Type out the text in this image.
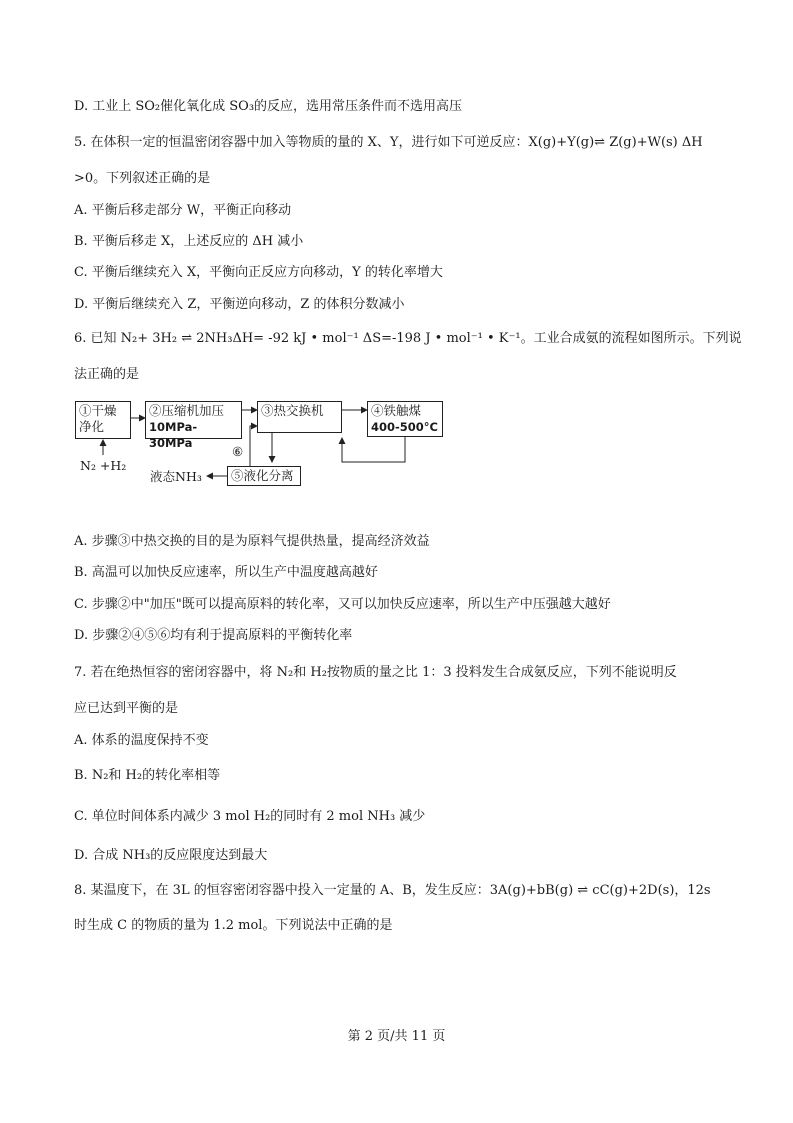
D. 工业上 SO₂催化氧化成 SO₃的反应，选用常压条件而不选用高压
5. 在体积一定的恒温密闭容器中加入等物质的量的 X、Y，进行如下可逆反应：X(g)+Y(g)⇌ Z(g)+W(s) ΔH
>0。下列叙述正确的是
A. 平衡后移走部分 W，平衡正向移动
B. 平衡后移走 X，上述反应的 ΔH 减小
C. 平衡后继续充入 X，平衡向正反应方向移动，Y 的转化率增大
D. 平衡后继续充入 Z，平衡逆向移动，Z 的体积分数减小
6. 已知 N₂+ 3H₂ ⇌ 2NH₃ΔH= -92 kJ • mol⁻¹ ΔS=-198 J • mol⁻¹ • K⁻¹。工业合成氨的流程如图所示。下列说
法正确的是
①干燥
净化
②压缩机加压
10MPa-30MPa
③热交换机	④铁触煤
400-500°C
⑤液化分离
N₂ +H₂
液态NH₃
⑥
A. 步骤③中热交换的目的是为原料气提供热量，提高经济效益
B. 高温可以加快反应速率，所以生产中温度越高越好
C. 步骤②中"加压"既可以提高原料的转化率，又可以加快反应速率，所以生产中压强越大越好
D. 步骤②④⑤⑥均有利于提高原料的平衡转化率
7. 若在绝热恒容的密闭容器中，将 N₂和 H₂按物质的量之比 1：3 投料发生合成氨反应，下列不能说明反
应已达到平衡的是
A. 体系的温度保持不变
B. N₂和 H₂的转化率相等
C. 单位时间体系内减少 3 mol H₂的同时有 2 mol NH₃ 减少
D. 合成 NH₃的反应限度达到最大
8. 某温度下，在 3L 的恒容密闭容器中投入一定量的 A、B，发生反应：3A(g)+bB(g) ⇌ cC(g)+2D(s)，12s
时生成 C 的物质的量为 1.2 mol。下列说法中正确的是
第 2 页/共 11 页
